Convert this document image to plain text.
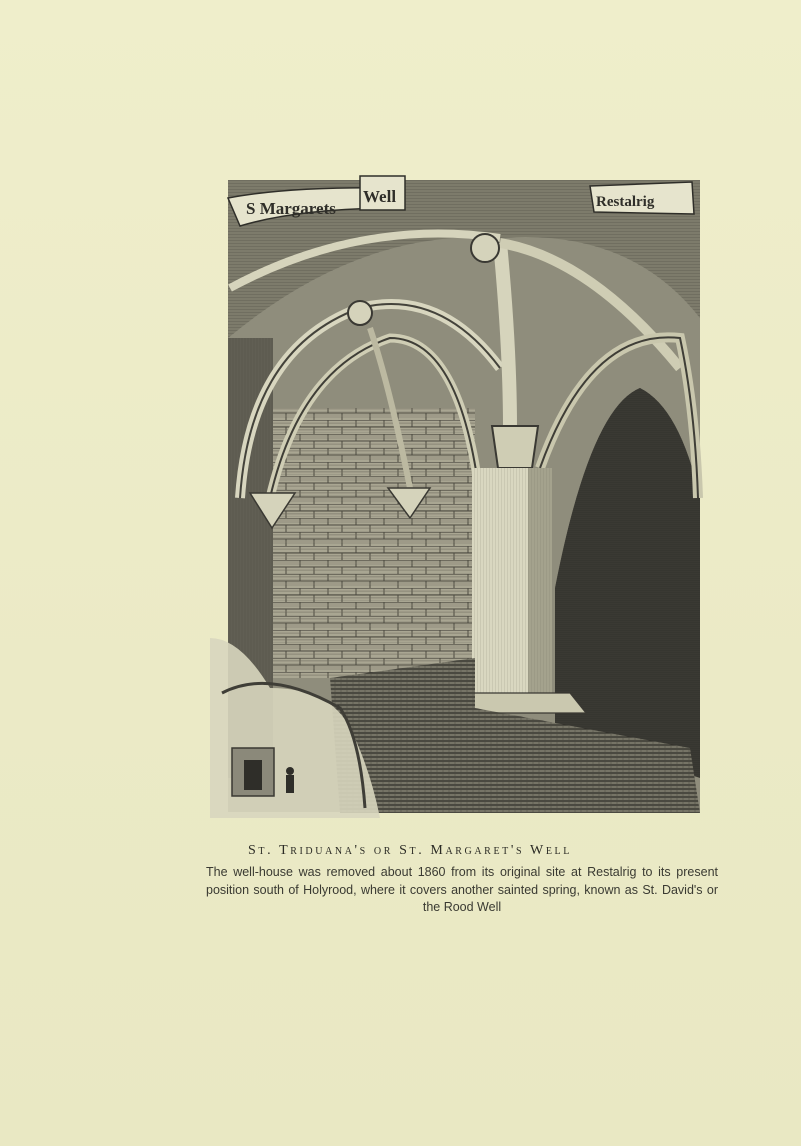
S Margarets
Well	Restalrig
St. Triduana's or St. Margaret's Well
The well-house was removed about 1860 from its original site at Restalrig to its present position south of Holyrood, where it covers another sainted spring, known as St. David's or the Rood Well
